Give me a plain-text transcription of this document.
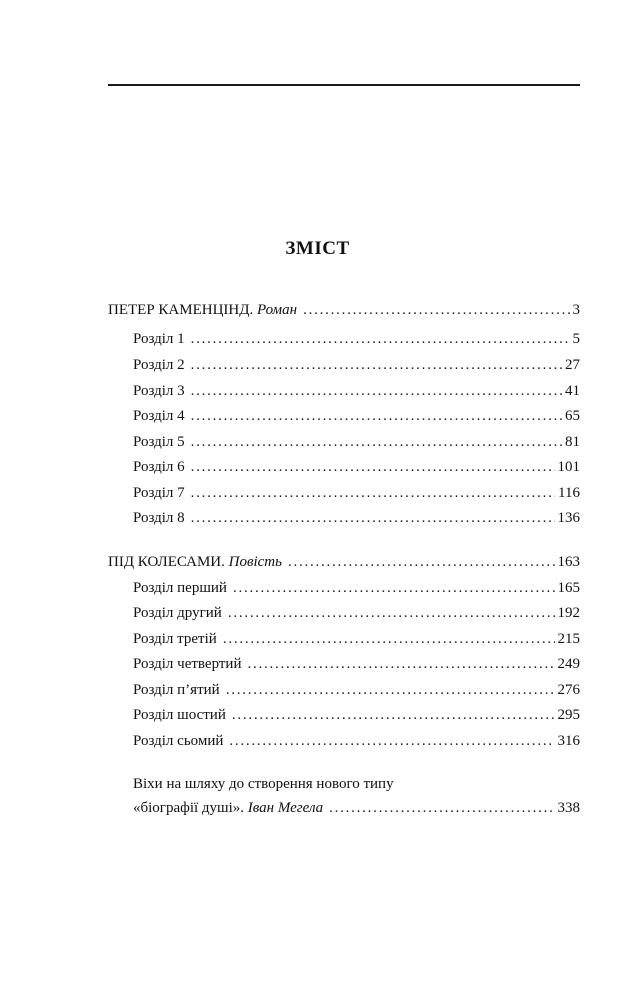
ЗМІСТ
ПЕТЕР КАМЕНЦІНД. Роман . . .	3
Розділ 1 . . .	5
Розділ 2 . . .	27
Розділ 3 . . .	41
Розділ 4 . . .	65
Розділ 5 . . .	81
Розділ 6 . . .	101
Розділ 7 . . .	116
Розділ 8 . . .	136
ПІД КОЛЕСАМИ. Повість . . .	163
Розділ перший . . .	165
Розділ другий . . .	192
Розділ третій . . .	215
Розділ четвертий . . .	249
Розділ п’ятий . . .	276
Розділ шостий . . .	295
Розділ сьомий . . .	316
Віхи на шляху до створення нового типу
«біографії душі». Іван Мегела . . .	338
